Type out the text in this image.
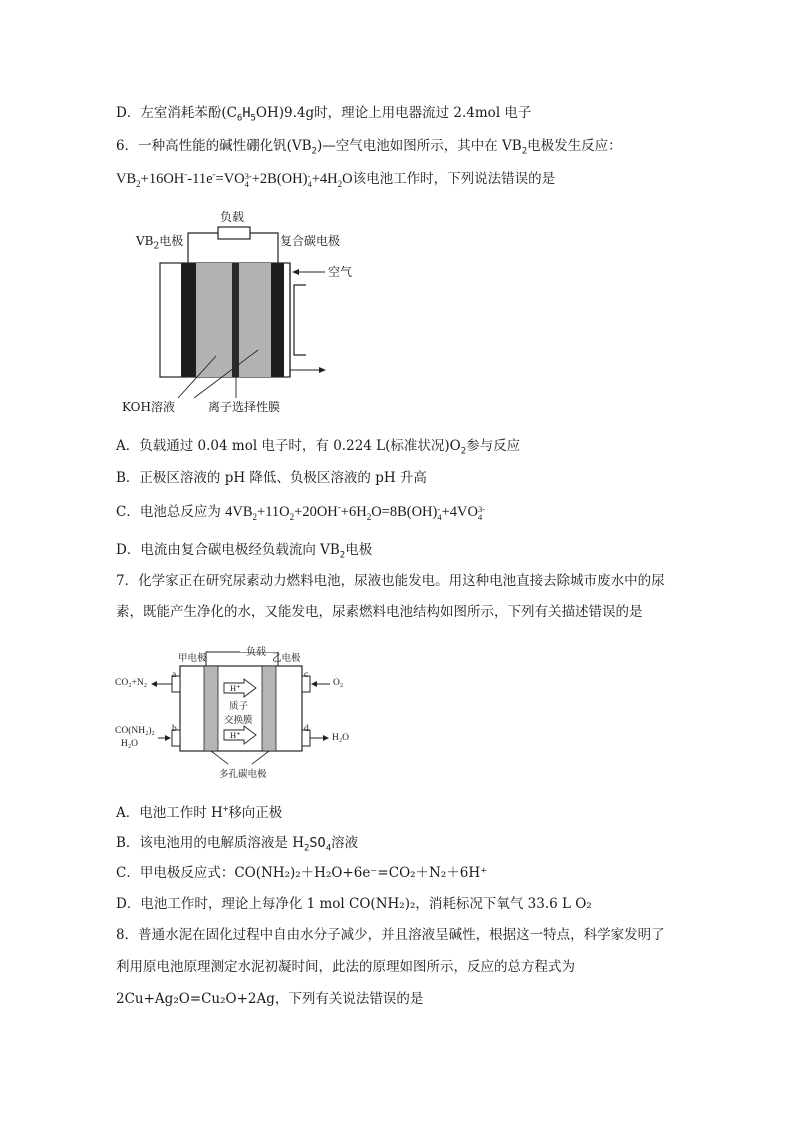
D．左室消耗苯酚$(C_6H_5OH)9.4g$时，理论上用电器流过 2.4mol 电子
6．一种高性能的碱性硼化钒$(VB_2)—$空气电池如图所示，其中在 $VB_2$电极发生反应：
$VB_2+16OH^--11e^-=VO$ 3-
4 +2B(OH) -
$4 +4H_2O$该电池工作时，下列说法错误的是
负载
$VB_2$电极	复合碳电极
空气
KOH溶液	离子选择性膜
A．负载通过 0.04 mol 电子时，有 0.224 L(标准状况)$O_2$参与反应
B．正极区溶液的 pH 降低、负极区溶液的 pH 升高
C．电池总反应为 $4VB_2+11O_2+20OH^-+6H_2O=8B(OH)$ -
4 +4VO 3-
4
D．电流由复合碳电极经负载流向 $VB_2$电极
7．化学家正在研究尿素动力燃料电池，尿液也能发电。用这种电池直接去除城市废水中的尿
素，既能产生净化的水，又能发电，尿素燃料电池结构如图所示，下列有关描述错误的是
负载
甲电极	乙电极
a
b
c
d
CO₂+N₂
CO(NH₂)₂
H₂O
O₂
H₂O
H⁺
H⁺
质子
交换膜
多孔碳电极
A．电池工作时 H+移向正极
B．该电池用的电解质溶液是 $H_2SO_4$溶液
C．甲电极反应式：CO(NH₂)₂＋H₂O+6e⁻=CO₂＋N₂＋6H⁺
D．电池工作时，理论上每净化 1 mol CO(NH₂)₂，消耗标况下氧气 33.6 L O₂
8．普通水泥在固化过程中自由水分子减少，并且溶液呈碱性，根据这一特点，科学家发明了
利用原电池原理测定水泥初凝时间，此法的原理如图所示，反应的总方程式为
2Cu+Ag₂O=Cu₂O+2Ag，下列有关说法错误的是
